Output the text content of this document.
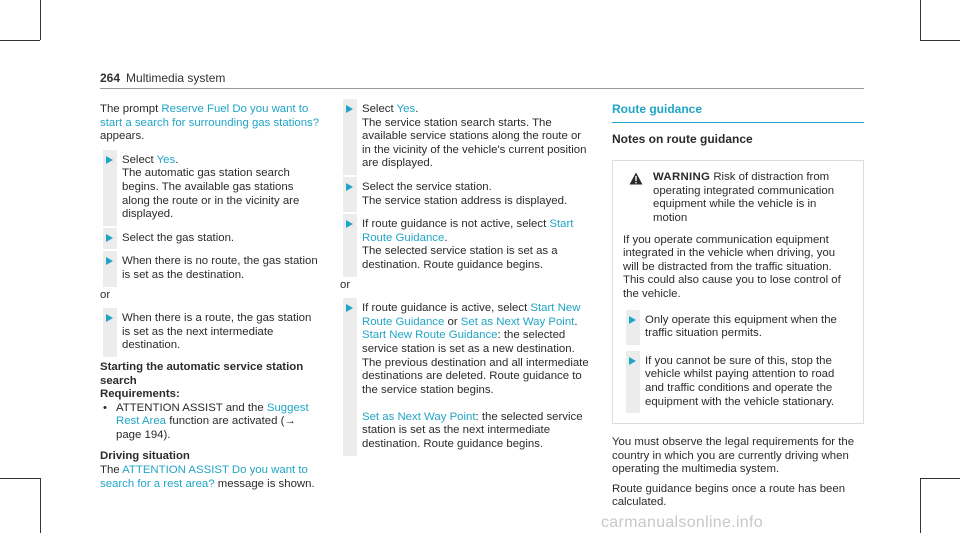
264 Multimedia system

The prompt Reserve Fuel Do you want to start a search for surrounding gas stations? appears.

Select Yes.
The automatic gas station search begins. The available gas stations along the route or in the vicinity are displayed.
Select the gas station.
When there is no route, the gas station is set as the destination.
or
When there is a route, the gas station is set as the next intermediate destination.
Starting the automatic service station search
Requirements:
• ATTENTION ASSIST and the Suggest Rest Area function are activated (→ page 194).
Driving situation
The ATTENTION ASSIST Do you want to search for a rest area? message is shown.
Select Yes.
The service station search starts. The available service stations along the route or in the vicinity of the vehicle's current position are displayed.
Select the service station.
The service station address is displayed.
If route guidance is not active, select Start Route Guidance.
The selected service station is set as a destination. Route guidance begins.
or
If route guidance is active, select Start New Route Guidance or Set as Next Way Point.
Start New Route Guidance: the selected service station is set as a new destination. The previous destination and all intermediate destinations are deleted. Route guidance to the service station begins.

Set as Next Way Point: the selected service station is set as the next intermediate destination. Route guidance begins.
Route guidance
Notes on route guidance
WARNING Risk of distraction from operating integrated communication equipment while the vehicle is in motion
If you operate communication equipment integrated in the vehicle when driving, you will be distracted from the traffic situation. This could also cause you to lose control of the vehicle.
Only operate this equipment when the traffic situation permits.
If you cannot be sure of this, stop the vehicle whilst paying attention to road and traffic conditions and operate the equipment with the vehicle stationary.

You must observe the legal requirements for the country in which you are currently driving when operating the multimedia system.

Route guidance begins once a route has been calculated.

carmanualsonline.info
